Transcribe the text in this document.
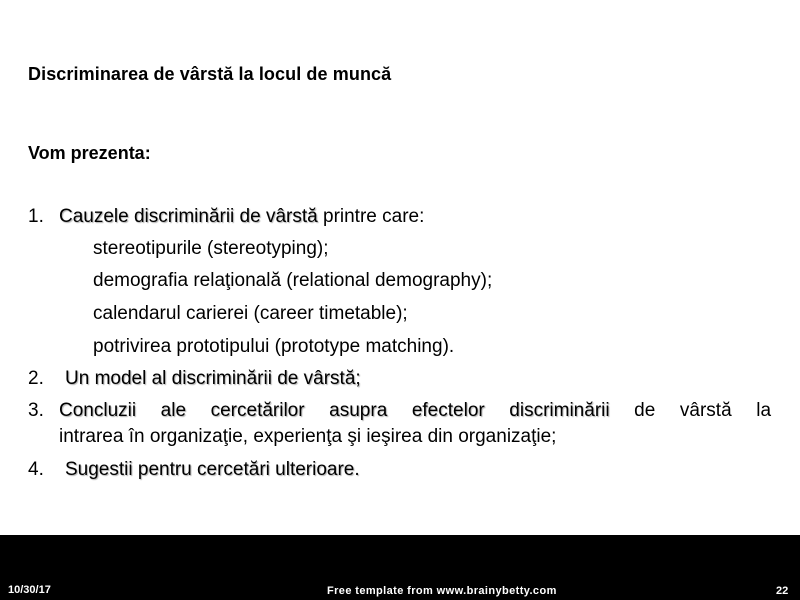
Discriminarea de vârstă la locul de muncă
Vom prezenta:
1. Cauzele discriminării de vârstă printre care:
stereotipurile (stereotyping);
demografia relaţională (relational demography);
calendarul carierei (career timetable);
potrivirea prototipului (prototype matching).
2. Un model al discriminării de vârstă;
3. Concluzii ale cercetărilor asupra efectelor discriminării de vârstă la
intrarea în organizaţie, experienţa şi ieşirea din organizaţie;
4. Sugestii pentru cercetări ulterioare.
10/30/17	Free template from www.brainybetty.com	22
